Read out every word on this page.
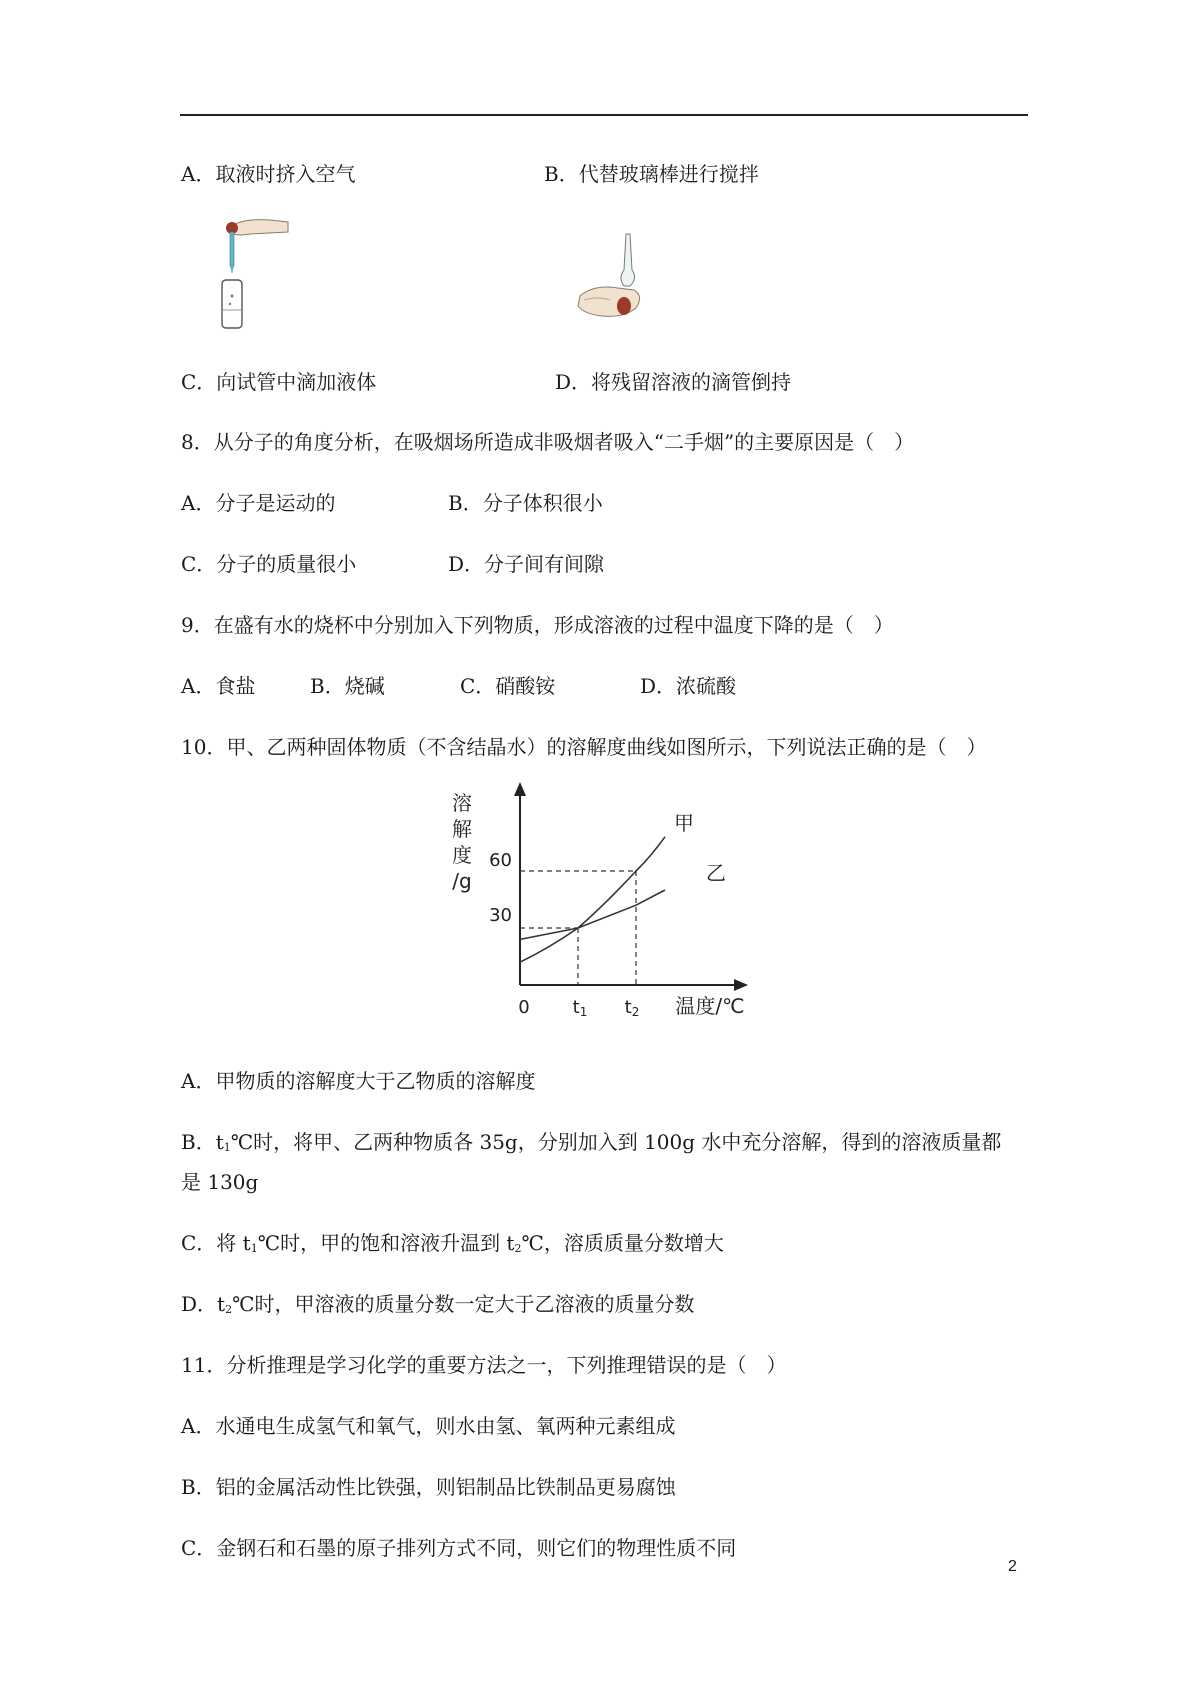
A．取液时挤入空气	B．代替玻璃棒进行搅拌
C．向试管中滴加液体	D．将残留溶液的滴管倒持
8．从分子的角度分析，在吸烟场所造成非吸烟者吸入“二手烟”的主要原因是（　）
A．分子是运动的	B．分子体积很小
C．分子的质量很小	D．分子间有间隙
9．在盛有水的烧杯中分别加入下列物质，形成溶液的过程中温度下降的是（　）
A．食盐	B．烧碱	C．硝酸铵	D．浓硫酸
10．甲、乙两种固体物质（不含结晶水）的溶解度曲线如图所示，下列说法正确的是（　）
溶
解
度
/g
60
30
0 t1 t2 温度/℃
甲
乙
A．甲物质的溶解度大于乙物质的溶解度
B．$t_1℃$时，将甲、乙两种物质各 35g，分别加入到 100g 水中充分溶解，得到的溶液质量都
是 130g
C．将 $t_1℃$时，甲的饱和溶液升温到 $t_2℃$，溶质质量分数增大
D．$t_2℃$时，甲溶液的质量分数一定大于乙溶液的质量分数
11．分析推理是学习化学的重要方法之一，下列推理错误的是（　）
A．水通电生成氢气和氧气，则水由氢、氧两种元素组成
B．铝的金属活动性比铁强，则铝制品比铁制品更易腐蚀
C．金钢石和石墨的原子排列方式不同，则它们的物理性质不同
2
